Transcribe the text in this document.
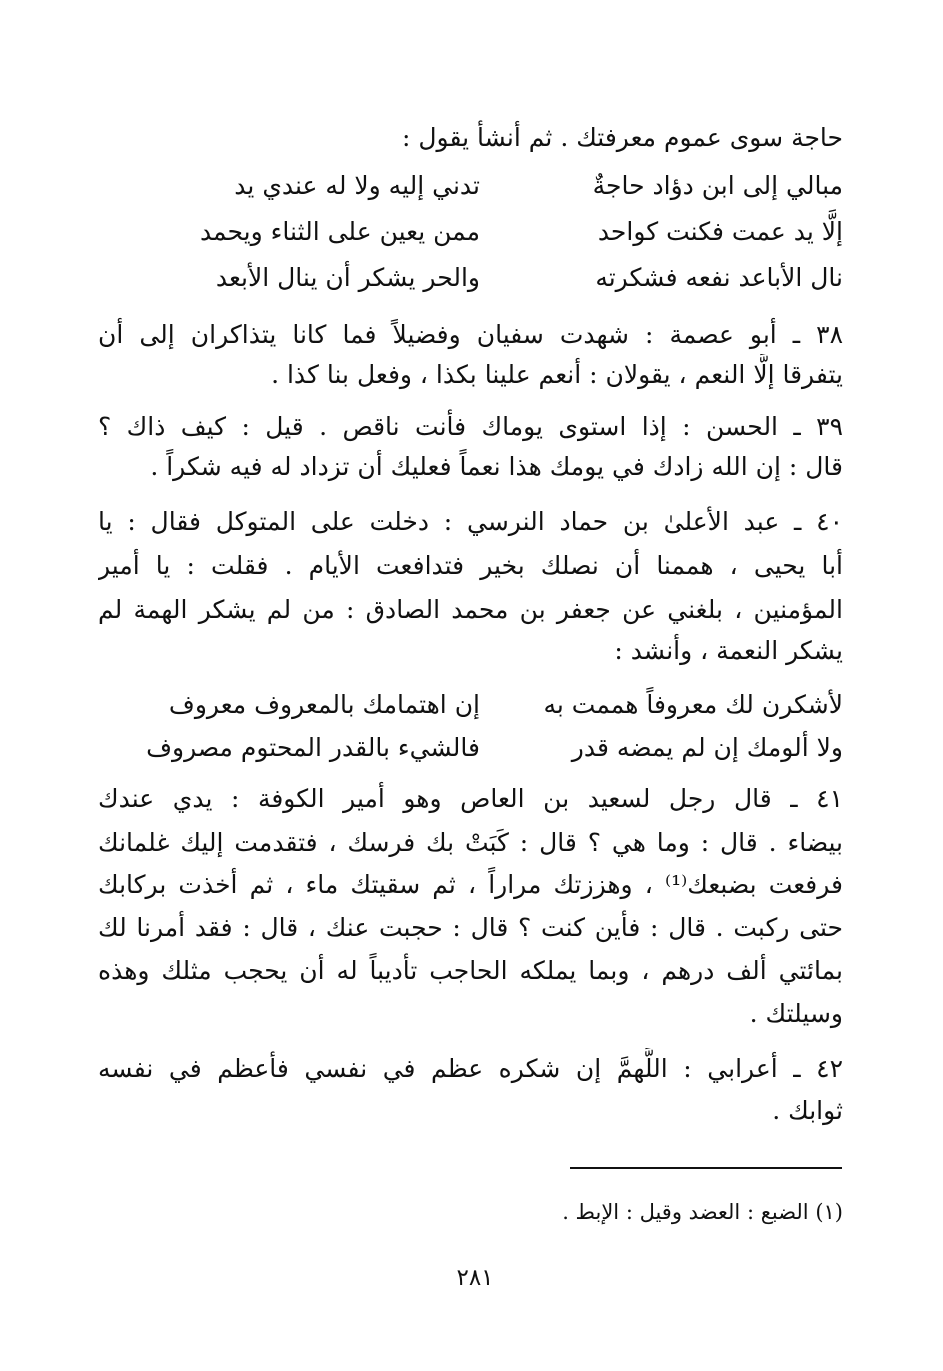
حاجة سوى عموم معرفتك . ثم أنشأ يقول :
مبالي إلى ابن دؤاد حاجةٌ
تدني إليه ولا له عندي يد
إلَّا يد عمت فكنت كواحد
ممن يعين على الثناء ويحمد
نال الأباعد نفعه فشكرته
والحر يشكر أن ينال الأبعد
٣٨ ـ أبو عصمة : شهدت سفيان وفضيلاً فما كانا يتذاكران إلى أن
يتفرقا إلَّا النعم ، يقولان : أنعم علينا بكذا ، وفعل بنا كذا .
٣٩ ـ الحسن : إذا استوى يوماك فأنت ناقص . قيل : كيف ذاك ؟
قال : إن الله زادك في يومك هذا نعماً فعليك أن تزداد له فيه شكراً .
٤٠ ـ عبد الأعلىٰ بن حماد النرسي : دخلت على المتوكل فقال : يا
أبا يحيى ، هممنا أن نصلك بخير فتدافعت الأيام . فقلت : يا أمير
المؤمنين ، بلغني عن جعفر بن محمد الصادق : من لم يشكر الهمة لم
يشكر النعمة ، وأنشد :
لأشكرن لك معروفاً هممت به
إن اهتمامك بالمعروف معروف
ولا ألومك إن لم يمضه قدر
فالشيء بالقدر المحتوم مصروف
٤١ ـ قال رجل لسعيد بن العاص وهو أمير الكوفة : يدي عندك
بيضاء . قال : وما هي ؟ قال : كَبَتْ بك فرسك ، فتقدمت إليك غلمانك
فرفعت بضبعك⁽¹⁾ ، وهززتك مراراً ، ثم سقيتك ماء ، ثم أخذت بركابك
حتى ركبت . قال : فأين كنت ؟ قال : حجبت عنك ، قال : فقد أمرنا لك
بمائتي ألف درهم ، وبما يملكه الحاجب تأديباً له أن يحجب مثلك وهذه
وسيلتك .
٤٢ ـ أعرابي : اللَّهمَّ إن شكره عظم في نفسي فأعظم في نفسه
ثوابك .
(١) الضبع : العضد وقيل : الإبط .
٢٨١
